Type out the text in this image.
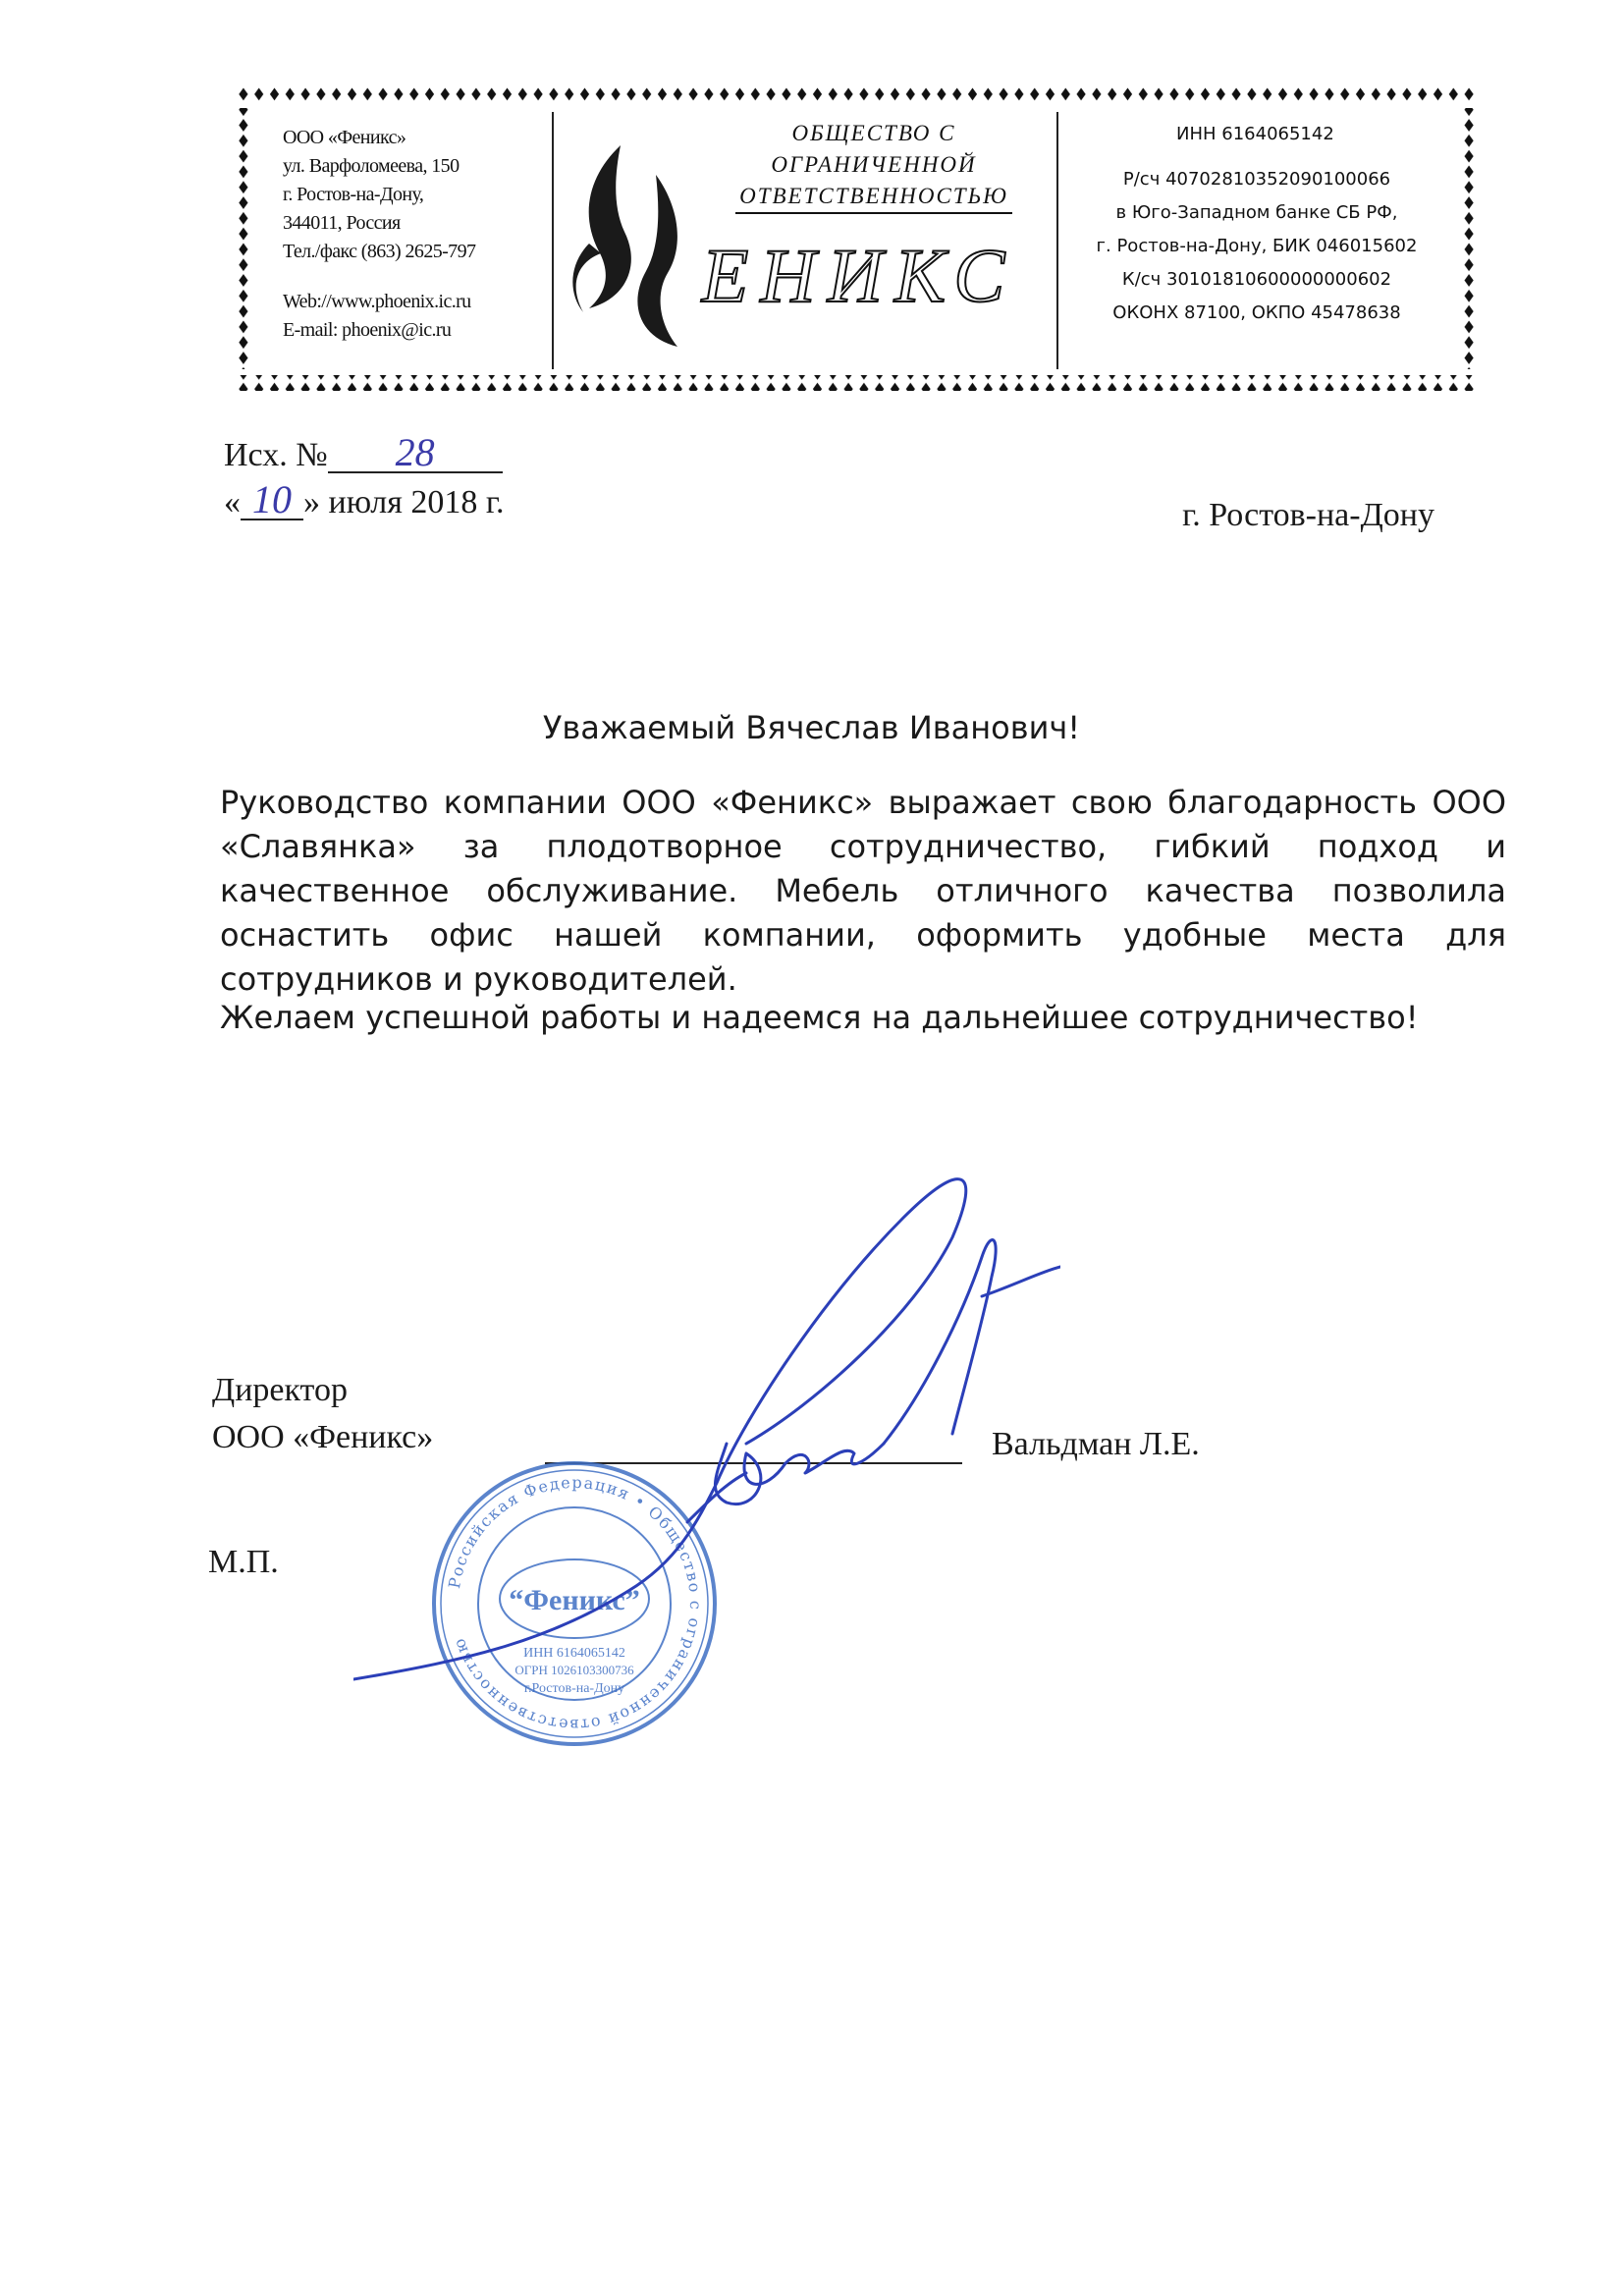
ООО «Феникс»
ул. Варфоломеева, 150
г. Ростов-на-Дону,
344011, Россия
Тел./факс (863) 2625-797
Web://www.phoenix.ic.ru
E-mail: phoenix@ic.ru
ОБЩЕСТВО С
ОГРАНИЧЕННОЙ
ОТВЕТСТВЕННОСТЬЮ
ЕНИКС
ИНН 6164065142
Р/сч 40702810352090100066
в Юго-Западном банке СБ РФ,
г. Ростов-на-Дону, БИК 046015602
К/сч 30101810600000000602
ОКОНХ 87100, ОКПО 45478638
Исх. № 28
« 10 » июля 2018 г.	г. Ростов-на-Дону
Уважаемый Вячеслав Иванович!
Руководство компании ООО «Феникс» выражает свою благодарность ООО «Славянка» за плодотворное сотрудничество, гибкий подход и качественное обслуживание. Мебель отличного качества позволила оснастить офис нашей компании, оформить удобные места для сотрудников и руководителей.
Желаем успешной работы и надеемся на дальнейшее сотрудничество!
Директор
ООО «Феникс»	Вальдман Л.Е.
М.П.
Российская Федерация • Общество с ограниченной ответственностью
“Феникс”
ИНН 6164065142
ОГРН 1026103300736
г.Ростов-на-Дону
